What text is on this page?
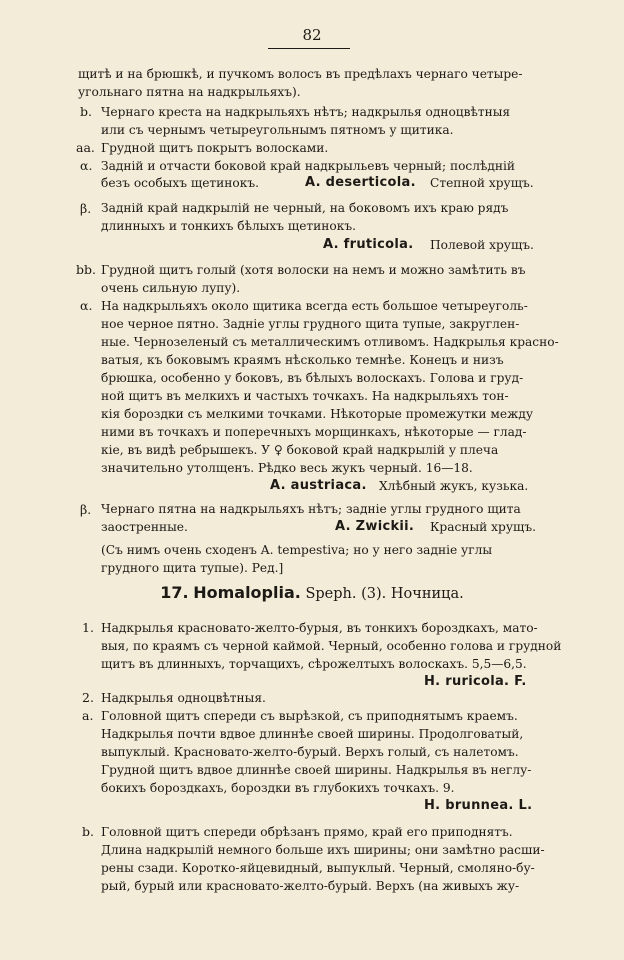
82
щитѣ и на брюшкѣ, и пучкомъ волосъ въ предѣлахъ чернаго четыре-
угольнаго пятна на надкрыльяхъ).
b. Чернаго креста на надкрыльяхъ нѣтъ; надкрылья одноцвѣтныя
или съ чернымъ четыреугольнымъ пятномъ у щитика.
aa. Грудной щитъ покрытъ волосками.
α. Задній и отчасти боковой край надкрыльевъ черный; послѣдній
безъ особыхъ щетинокъ.	A. deserticola. Степной хрущъ.
β. Задній край надкрылій не черный, на боковомъ ихъ краю рядъ
длинныхъ и тонкихъ бѣлыхъ щетинокъ.
A. fruticola. Полевой хрущъ.
bb. Грудной щитъ голый (хотя волоски на немъ и можно замѣтить въ
очень сильную лупу).
α. На надкрыльяхъ около щитика всегда есть большое четыреуголь-
ное черное пятно. Задніе углы грудного щита тупые, закруглен-
ные. Чернозеленый съ металлическимъ отливомъ. Надкрылья красно-
ватыя, къ боковымъ краямъ нѣсколько темнѣе. Конецъ и низъ
брюшка, особенно у боковъ, въ бѣлыхъ волоскахъ. Голова и груд-
ной щитъ въ мелкихъ и частыхъ точкахъ. На надкрыльяхъ тон-
кія бороздки съ мелкими точками. Нѣкоторые промежутки между
ними въ точкахъ и поперечныхъ морщинкахъ, нѣкоторые — глад-
кіе, въ видѣ ребрышекъ. У ♀ боковой край надкрылій у плеча
значительно утолщенъ. Рѣдко весь жукъ черный. 16—18.
A. austriaca. Хлѣбный жукъ, кузька.
β. Чернаго пятна на надкрыльяхъ нѣтъ; заднiе углы грудного щита
заостренные.	A. Zwickii. Красный хрущъ.
(Съ нимъ очень сходенъ A. tempestiva; но у него заднiе углы
грудного щита тупые). Ред.]
17. Homaloplia. Speph. (3). Ночница.
1. Надкрылья красновато-желто-бурыя, въ тонкихъ бороздкахъ, мато-
выя, по краямъ съ черной каймой. Черный, особенно голова и грудной
щитъ въ длинныхъ, торчащихъ, сѣрожелтыхъ волоскахъ. 5,5—6,5.
H. ruricola. F.
2. Надкрылья одноцвѣтныя.
a. Головной щитъ спереди съ вырѣзкой, съ приподнятымъ краемъ.
Надкрылья почти вдвое длиннѣе своей ширины. Продолговатый,
выпуклый. Красновато-желто-бурый. Верхъ голый, съ налетомъ.
Грудной щитъ вдвое длиннѣе своей ширины. Надкрылья въ неглу-
бокихъ бороздкахъ, бороздки въ глубокихъ точкахъ. 9.
H. brunnea. L.
b. Головной щитъ спереди обрѣзанъ прямо, край его приподнятъ.
Длина надкрылій немного больше ихъ ширины; они замѣтно расши-
рены сзади. Коротко-яйцевидный, выпуклый. Черный, смоляно-бу-
рый, бурый или красновато-желто-бурый. Верхъ (на живыхъ жу-
